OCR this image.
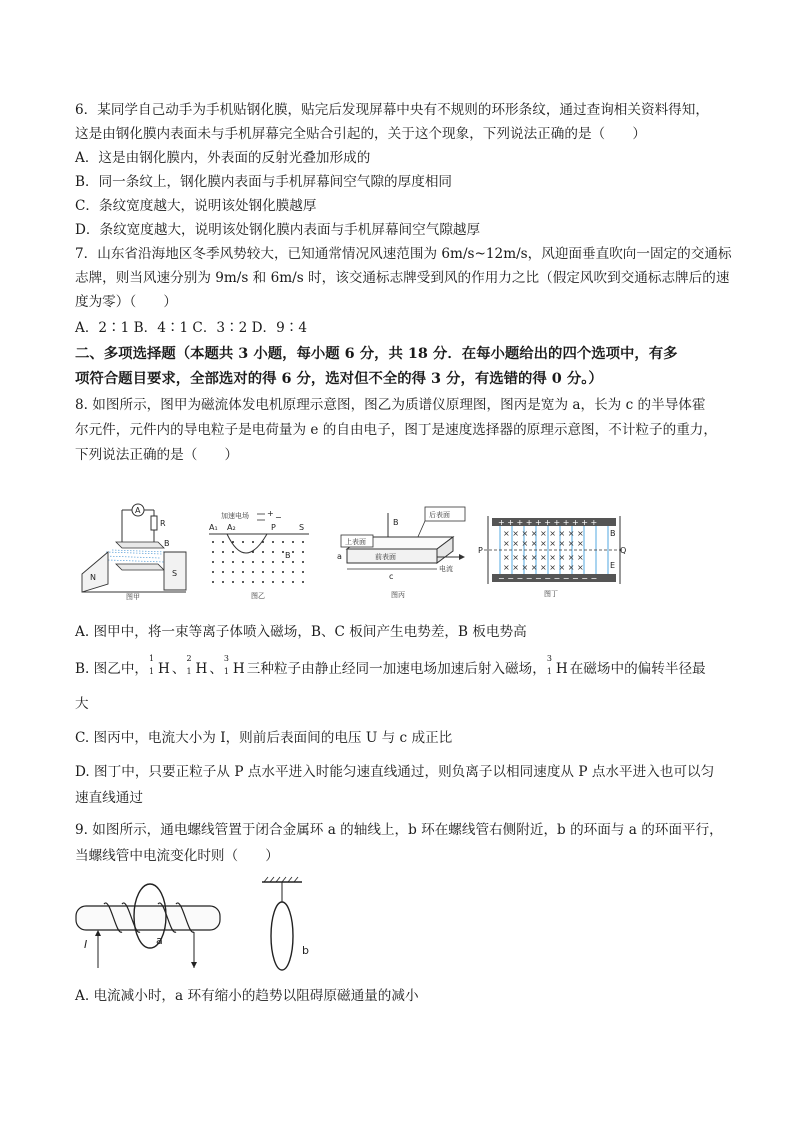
6．某同学自己动手为手机贴钢化膜，贴完后发现屏幕中央有不规则的环形条纹，通过查询相关资料得知，
这是由钢化膜内表面未与手机屏幕完全贴合引起的，关于这个现象，下列说法正确的是（　　）
A．这是由钢化膜内，外表面的反射光叠加形成的
B．同一条纹上，钢化膜内表面与手机屏幕间空气隙的厚度相同
C．条纹宽度越大，说明该处钢化膜越厚
D．条纹宽度越大，说明该处钢化膜内表面与手机屏幕间空气隙越厚
7．山东省沿海地区冬季风势较大，已知通常情况风速范围为 6m/s~12m/s，风迎面垂直吹向一固定的交通标
志牌，则当风速分别为 9m/s 和 6m/s 时，该交通标志牌受到风的作用力之比（假定风吹到交通标志牌后的速
度为零）（　　）
A．2∶1 B．4∶1 C．3∶2 D．9∶4
二、多项选择题（本题共 3 小题，每小题 6 分，共 18 分．在每小题给出的四个选项中，有多
项符合题目要求，全部选对的得 6 分，选对但不全的得 3 分，有选错的得 0 分。）
8. 如图所示，图甲为磁流体发电机原理示意图，图乙为质谱仪原理图，图丙是宽为 a，长为 c 的半导体霍
尔元件，元件内的导电粒子是电荷量为 e 的自由电子，图丁是速度选择器的原理示意图，不计粒子的重力，
下列说法正确的是（　　）
A
R
B
N	S
图甲
加速电场 + −
A₁ A₂	P	S
B
图乙
后表面
B
上表面
前表面
电流
a
c
图丙
+ + + + + + + + + + +
− − − − − − − − − − −
× × × × × × × × ×
× × × × × × × × ×
× × × × × × × × ×
× × × × × × × × ×
P	Q
B
E
图丁
A. 图甲中，将一束等离子体喷入磁场，B、C 板间产生电势差，B 板电势高
B. 图乙中，
1
1 H 、
2
1 H 、
3
1 H 三种粒子由静止经同一加速电场加速后射入磁场，
3
1 H 在磁场中的偏转半径最
大
C. 图丙中，电流大小为 I，则前后表面间的电压 U 与 c 成正比
D. 图丁中，只要正粒子从 P 点水平进入时能匀速直线通过，则负离子以相同速度从 P 点水平进入也可以匀
速直线通过
9. 如图所示，通电螺线管置于闭合金属环 a 的轴线上，b 环在螺线管右侧附近，b 的环面与 a 的环面平行，
当螺线管中电流变化时则（　　）
a
I	b
A. 电流减小时，a 环有缩小的趋势以阻碍原磁通量的减小
